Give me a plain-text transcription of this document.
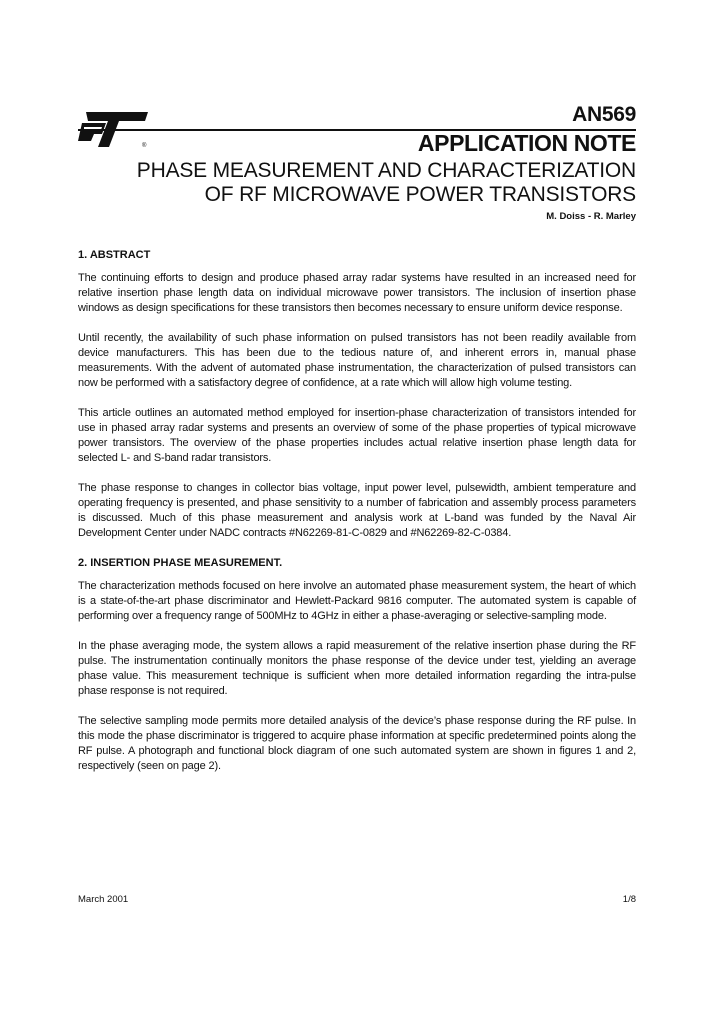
®
AN569
APPLICATION NOTE
PHASE MEASUREMENT AND CHARACTERIZATION
OF RF MICROWAVE POWER TRANSISTORS
M. Doiss - R. Marley
1. ABSTRACT

The continuing efforts to design and produce phased array radar systems have resulted in an increased need for relative insertion phase length data on individual microwave power transistors. The inclusion of insertion phase windows as design specifications for these transistors then becomes necessary to ensure uniform device response.

Until recently, the availability of such phase information on pulsed transistors has not been readily available from device manufacturers. This has been due to the tedious nature of, and inherent errors in, manual phase measurements. With the advent of automated phase instrumentation, the characterization of pulsed transistors can now be performed with a satisfactory degree of confidence, at a rate which will allow high volume testing.

This article outlines an automated method employed for insertion-phase characterization of transistors intended for use in phased array radar systems and presents an overview of some of the phase properties of typical microwave power transistors. The overview of the phase properties includes actual relative insertion phase length data for selected L- and S-band radar transistors.

The phase response to changes in collector bias voltage, input power level, pulsewidth, ambient temperature and operating frequency is presented, and phase sensitivity to a number of fabrication and assembly process parameters is discussed. Much of this phase measurement and analysis work at L-band was funded by the Naval Air Development Center under NADC contracts #N62269-81-C-0829 and #N62269-82-C-0384.

2. INSERTION PHASE MEASUREMENT.

The characterization methods focused on here involve an automated phase measurement system, the heart of which is a state-of-the-art phase discriminator and Hewlett-Packard 9816 computer. The automated system is capable of performing over a frequency range of 500MHz to 4GHz in either a phase-averaging or selective-sampling mode.

In the phase averaging mode, the system allows a rapid measurement of the relative insertion phase during the RF pulse. The instrumentation continually monitors the phase response of the device under test, yielding an average phase value. This measurement technique is sufficient when more detailed information regarding the intra-pulse phase response is not required.

The selective sampling mode permits more detailed analysis of the device’s phase response during the RF pulse. In this mode the phase discriminator is triggered to acquire phase information at specific predetermined points along the RF pulse. A photograph and functional block diagram of one such automated system are shown in figures 1 and 2, respectively (seen on page 2).

March 2001	1/8
